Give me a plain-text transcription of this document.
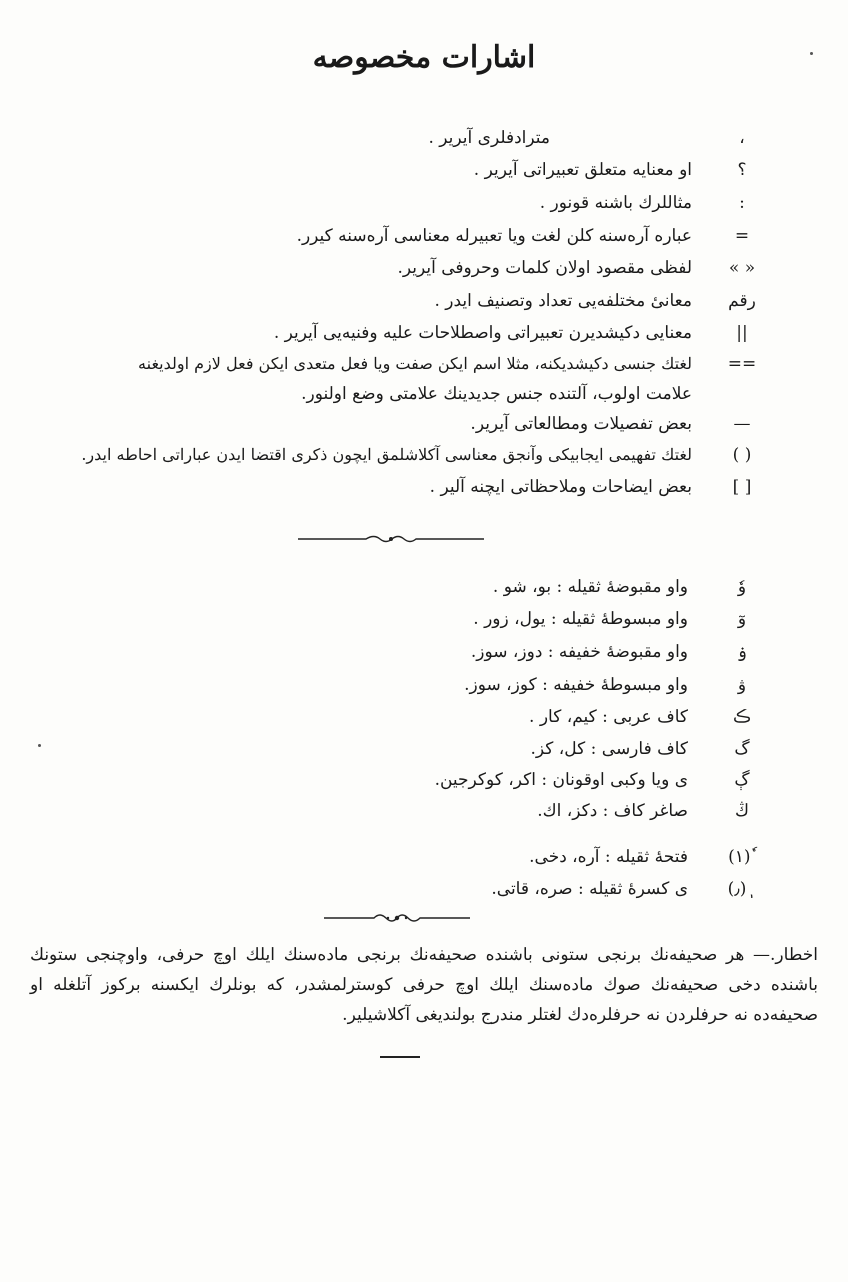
اشارات مخصوصه
،
مترادفلری آیریر .
؟
او معنایه متعلق تعبیراتی آیریر .
:
مثاللرك باشنه قونور .
=
عباره آره‌سنه کلن لغت ویا تعبیرله معناسی آره‌سنه کیرر.
« »
لفظی مقصود اولان کلمات وحروفی آیریر.
رقم
معانیٔ مختلفه‌یی تعداد وتصنیف ایدر .
||
معنایی دکیشدیرن تعبیراتی واصطلاحات علیه وفنیه‌یی آیریر .
==
لغتك جنسی دکیشدیکنه، مثلا اسم ایکن صفت ویا فعل متعدی ایکن فعل لازم اولدیغنه
علامت اولوب، آلتنده جنس جدیدینك علامتی وضع اولنور.
—
بعض تفصیلات ومطالعاتی آیریر.
( )
لغتك تفهیمی ایجابیکی وآنجق معناسی آکلاشلمق ایچون ذکری اقتضا ایدن عباراتی احاطه ایدر.
[ ]
بعض ایضاحات وملاحظاتی ایچنه آلیر .
وٗ
واو مقبوضهٔ ثقیله : بو، شو .
وٓ
واو مبسوطهٔ ثقیله : یول، زور .
ۏ
واو مقبوضهٔ خفیفه : دوز، سوز.
ۋ
واو مبسوطهٔ خفیفه : کوز، سوز.
ڪ
کاف عربی : کیم، کار .
گ
کاف فارسی : کل، کز.
ڳ
ی ویا وکبی اوقونان : اکر، کوکرجین.
ڭ
صاغر کاف : دکز، اك.
(١) ٗ
فتحهٔ ثقیله : آره، دخی.
(٫) ٖ
ی کسرهٔ ثقیله : صره، قاتی.
اخطار.— هر صحیفه‌نك برنجی ستونی باشنده صحیفه‌نك برنجی ماده‌سنك ایلك اوچ حرفی، واوچنجی ستونك باشنده دخی صحیفه‌نك صوك ماده‌سنك ایلك اوچ حرفی کوسترلمشدر، که بونلرك ایکسنه برکوز آتلغله او صحیفه‌ده نه حرفلردن نه حرفلره‌دك لغتلر مندرج بولندیغی آکلاشیلیر.
